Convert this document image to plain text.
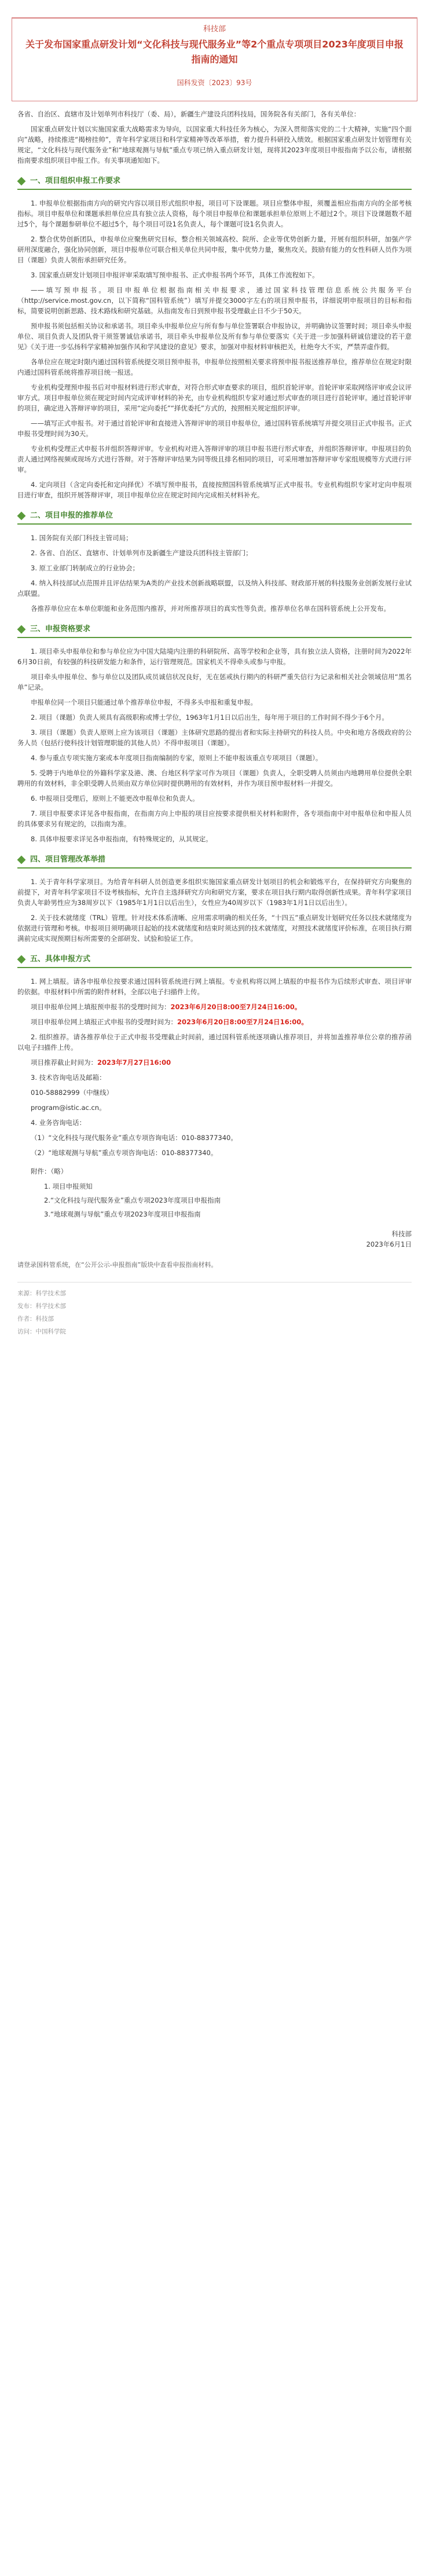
科技部
关于发布国家重点研发计划“文化科技与现代服务业”等2个重点专项项目2023年度项目申报指南的通知
国科发资〔2023〕93号

各省、自治区、直辖市及计划单列市科技厅（委、局），新疆生产建设兵团科技局，国务院各有关部门，各有关单位：

国家重点研发计划以实施国家重大战略需求为导向，以国家重大科技任务为核心，为深入贯彻落实党的二十大精神，实施“四个面向”战略，持续推进“揭榜挂帅”，青年科学家项目和科学家精神等改革举措，着力提升科研投入绩效。根据国家重点研发计划管理有关规定，“文化科技与现代服务业”和“地球观测与导航”重点专项已纳入重点研发计划，现将其2023年度项目申报指南予以公布，请根据指南要求组织项目申报工作。有关事项通知如下。

一、项目组织申报工作要求

1. 申报单位根据指南方向的研究内容以项目形式组织申报，项目可下设课题。项目应整体申报，须覆盖相应指南方向的全部考核指标。项目申报单位和课题承担单位应具有独立法人资格，每个项目申报单位和课题承担单位原则上不超过2个。项目下设课题数不超过5个，每个课题参研单位不超过5个，每个项目可设1名负责人，每个课题可设1名负责人。

2. 整合优势创新团队，申报单位应聚焦研究目标，整合相关领域高校、院所、企业等优势创新力量，开展有组织科研，加强产学研用深度融合，强化协同创新，项目申报单位可联合相关单位共同申报，集中优势力量，聚焦攻关。鼓励有能力的女性科研人员作为项目（课题）负责人领衔承担研究任务。

3. 国家重点研发计划项目申报评审采取填写预申报书、正式申报书两个环节，具体工作流程如下。

——填写预申报书。项目申报单位根据指南相关申报要求，通过国家科技管理信息系统公共服务平台（http://service.most.gov.cn，以下简称“国科管系统”）填写并提交3000字左右的项目预申报书，详细说明申报项目的目标和指标，简要说明创新思路、技术路线和研究基础。从指南发布日到预申报书受理截止日不少于50天。

预申报书须包括相关协议和承诺书。项目牵头申报单位应与所有参与单位签署联合申报协议，并明确协议签署时间；项目牵头申报单位、项目负责人及团队骨干须签署诚信承诺书，项目牵头申报单位及所有参与单位要落实《关于进一步加强科研诚信建设的若干意见》《关于进一步弘扬科学家精神加强作风和学风建设的意见》要求，加强对申报材料审核把关，杜绝夸大不实，严禁弄虚作假。

各单位应在规定时限内通过国科管系统提交项目预申报书，申报单位按照相关要求将预申报书报送推荐单位，推荐单位在规定时限内通过国科管系统将推荐项目统一报送。

专业机构受理预申报书后对申报材料进行形式审查，对符合形式审查要求的项目，组织首轮评审。首轮评审采取网络评审或会议评审方式。项目申报单位须在规定时间内完成评审材料的补充，由专业机构组织专家对通过形式审查的项目进行首轮评审。通过首轮评审的项目，确定进入答辩评审的项目，采用“定向委托”“择优委托”方式的，按照相关规定组织评审。

——填写正式申报书。对于通过首轮评审和直接进入答辩评审的项目申报单位，通过国科管系统填写并提交项目正式申报书。正式申报书受理时间为30天。

专业机构受理正式申报书并组织答辩评审。专业机构对进入答辩评审的项目申报书进行形式审查，并组织答辩评审。申报项目的负责人通过网络视频或现场方式进行答辩。对于答辩评审结果为同等级且排名相同的项目，可采用增加答辩评审专家组规模等方式进行评审。

4. 定向项目（含定向委托和定向择优）不填写预申报书，直接按照国科管系统填写正式申报书。专业机构组织专家对定向申报项目进行审查，组织开展答辩评审，项目申报单位应在规定时间内完成相关材料补充。

二、项目申报的推荐单位

1. 国务院有关部门科技主管司局；

2. 各省、自治区、直辖市、计划单列市及新疆生产建设兵团科技主管部门；

3. 原工业部门转制成立的行业协会；

4. 纳入科技部试点范围并且评估结果为A类的产业技术创新战略联盟，以及纳入科技部、财政部开展的科技服务业创新发展行业试点联盟。

各推荐单位应在本单位职能和业务范围内推荐，并对所推荐项目的真实性等负责。推荐单位名单在国科管系统上公开发布。

三、申报资格要求

1. 项目牵头申报单位和参与单位应为中国大陆境内注册的科研院所、高等学校和企业等，具有独立法人资格，注册时间为2022年6月30日前，有较强的科技研发能力和条件，运行管理规范。国家机关不得牵头或参与申报。

项目牵头申报单位、参与单位以及团队成员诚信状况良好，无在惩戒执行期内的科研严重失信行为记录和相关社会领域信用“黑名单”记录。

申报单位同一个项目只能通过单个推荐单位申报，不得多头申报和重复申报。

2. 项目（课题）负责人须具有高级职称或博士学位，1963年1月1日以后出生，每年用于项目的工作时间不得少于6个月。

3. 项目（课题）负责人原则上应为该项目（课题）主体研究思路的提出者和实际主持研究的科技人员。中央和地方各级政府的公务人员（包括行使科技计划管理职能的其他人员）不得申报项目（课题）。

4. 参与重点专项实施方案或本年度项目指南编制的专家，原则上不能申报该重点专项项目（课题）。

5. 受聘于内地单位的外籍科学家及港、澳、台地区科学家可作为项目（课题）负责人，全职受聘人员须由内地聘用单位提供全职聘用的有效材料，非全职受聘人员须由双方单位同时提供聘用的有效材料，并作为项目预申报材料一并提交。

6. 申报项目受理后，原则上不能更改申报单位和负责人。

7. 项目申报要求详见各申报指南，在指南方向上申报的项目应按要求提供相关材料和附件，各专项指南中对申报单位和申报人员的具体要求另有规定的，以指南为准。

8. 具体申报要求详见各申报指南，有特殊规定的，从其规定。

四、项目管理改革举措

1. 关于青年科学家项目。为给青年科研人员创造更多组织实施国家重点研发计划项目的机会和锻炼平台，在保持研究方向聚焦的前提下，对青年科学家项目不设考核指标，允许自主选择研究方向和研究方案，要求在项目执行期内取得创新性成果。青年科学家项目负责人年龄男性应为38周岁以下（1985年1月1日以后出生），女性应为40周岁以下（1983年1月1日以后出生）。

2. 关于技术就绪度（TRL）管理。针对技术体系清晰、应用需求明确的相关任务，“十四五”重点研发计划研究任务以技术就绪度为依据进行管理和考核。申报项目须明确项目起始的技术就绪度和结束时须达到的技术就绪度，对照技术就绪度评价标准，在项目执行期满前完成实现预期目标所需要的全部研发、试验和验证工作。

五、具体申报方式

1. 网上填报。请各申报单位按要求通过国科管系统进行网上填报。专业机构将以网上填报的申报书作为后续形式审查、项目评审的依据。申报材料中所需的附件材料，全部以电子扫描件上传。

项目申报单位网上填报预申报书的受理时间为：2023年6月20日8:00至7月24日16:00。

项目申报单位网上填报正式申报书的受理时间为：2023年6月20日8:00至7月24日16:00。

2. 组织推荐。请各推荐单位于正式申报书受理截止时间前，通过国科管系统逐项确认推荐项目，并将加盖推荐单位公章的推荐函以电子扫描件上传。

项目推荐截止时间为：2023年7月27日16:00

3. 技术咨询电话及邮箱：

010-58882999（中继线）

program@istic.ac.cn。

4. 业务咨询电话：

（1）“文化科技与现代服务业”重点专项咨询电话：010-88377340。

（2）“地球观测与导航”重点专项咨询电话：010-88377340。

附件：（略）

1. 项目申报须知

2.“文化科技与现代服务业”重点专项2023年度项目申报指南

3.“地球观测与导航”重点专项2023年度项目申报指南

科技部

2023年6月1日

请登录国科管系统，在“公开公示-申报指南”版块中查看申报指南材料。

来源：科学技术部

发布：科学技术部

作者：科技部

访问：中国科学院
